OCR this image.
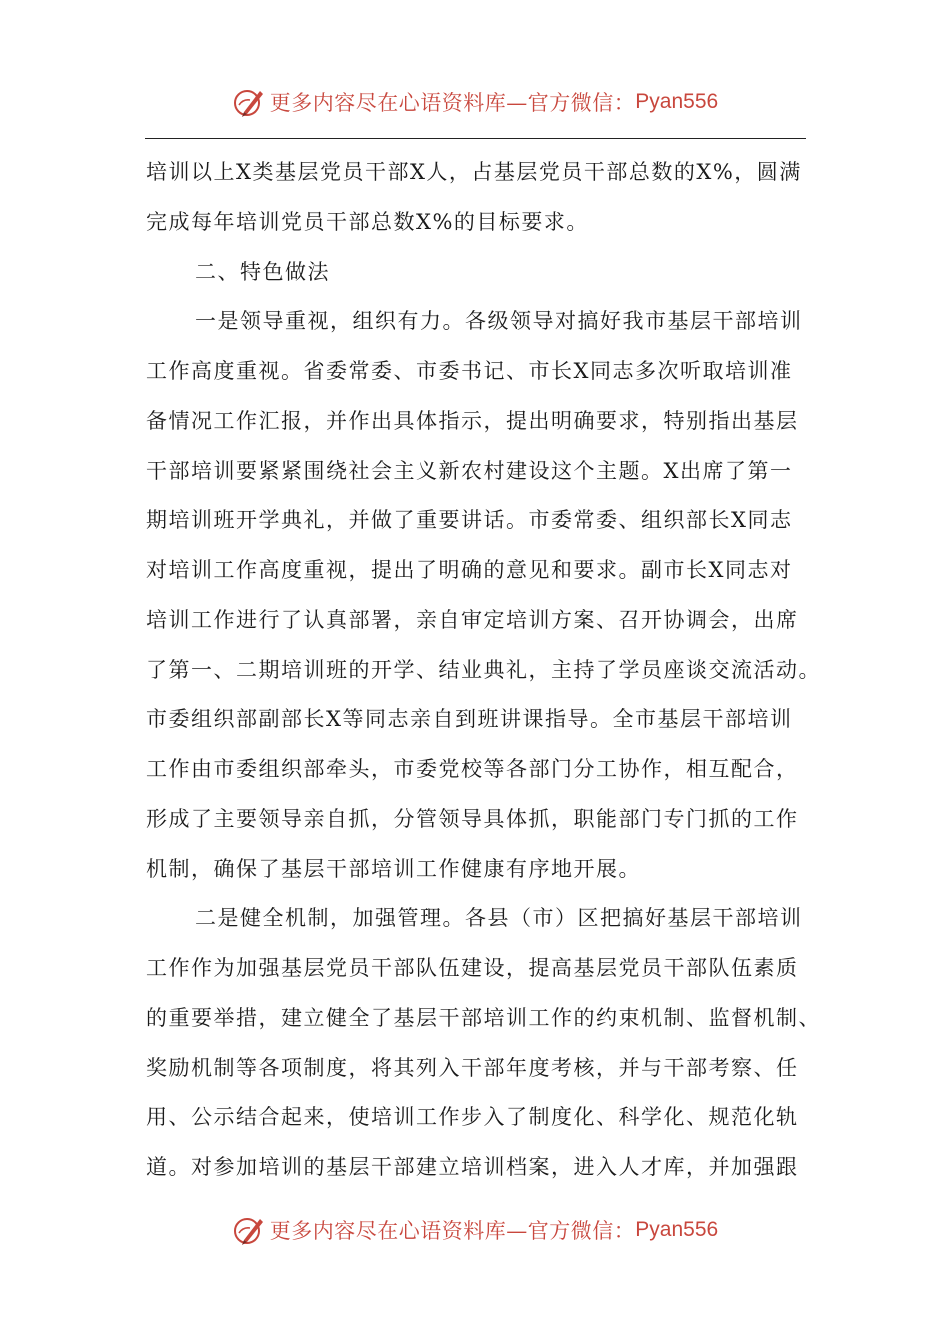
更多内容尽在心语资料库—官方微信： Pyan556
培训以上X类基层党员干部X人，占基层党员干部总数的X%，圆满
完成每年培训党员干部总数X%的目标要求。
二、特色做法
一是领导重视，组织有力。各级领导对搞好我市基层干部培训
工作高度重视。省委常委、市委书记、市长X同志多次听取培训准
备情况工作汇报，并作出具体指示，提出明确要求，特别指出基层
干部培训要紧紧围绕社会主义新农村建设这个主题。X出席了第一
期培训班开学典礼，并做了重要讲话。市委常委、组织部长X同志
对培训工作高度重视，提出了明确的意见和要求。副市长X同志对
培训工作进行了认真部署，亲自审定培训方案、召开协调会，出席
了第一、二期培训班的开学、结业典礼，主持了学员座谈交流活动。
市委组织部副部长X等同志亲自到班讲课指导。全市基层干部培训
工作由市委组织部牵头，市委党校等各部门分工协作，相互配合，
形成了主要领导亲自抓，分管领导具体抓，职能部门专门抓的工作
机制，确保了基层干部培训工作健康有序地开展。
二是健全机制，加强管理。各县（市）区把搞好基层干部培训
工作作为加强基层党员干部队伍建设，提高基层党员干部队伍素质
的重要举措，建立健全了基层干部培训工作的约束机制、监督机制、
奖励机制等各项制度，将其列入干部年度考核，并与干部考察、任
用、公示结合起来，使培训工作步入了制度化、科学化、规范化轨
道。对参加培训的基层干部建立培训档案，进入人才库，并加强跟
更多内容尽在心语资料库—官方微信： Pyan556
